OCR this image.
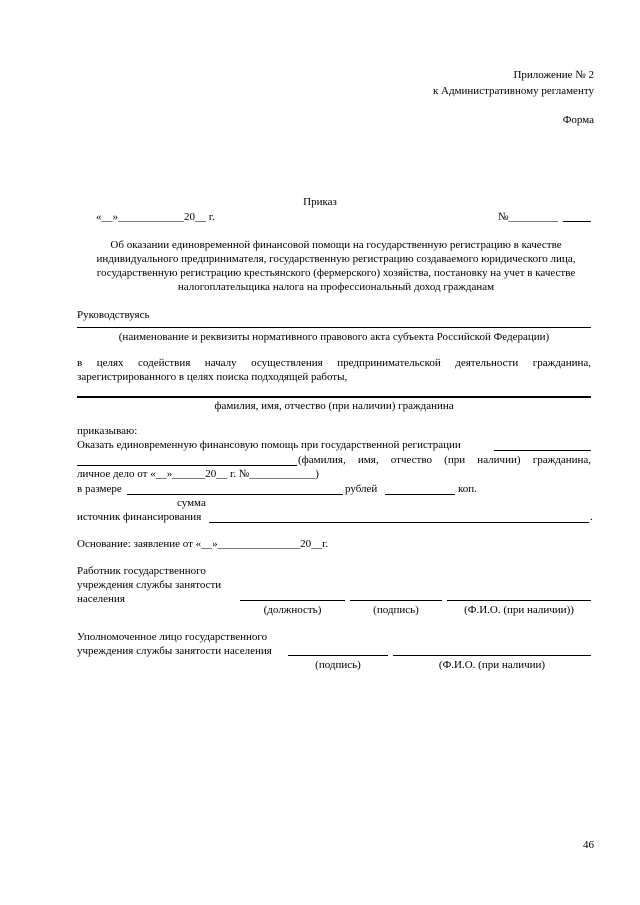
Приложение № 2
к Административному регламенту
Форма
Приказ
«__»____________20__ г.	№_________
Об оказании единовременной финансовой помощи на государственную регистрацию в качестве
индивидуального предпринимателя, государственную регистрацию создаваемого юридического лица,
государственную регистрацию крестьянского (фермерского) хозяйства, постановку на учет в качестве
налогоплательщика налога на профессиональный доход гражданам
Руководствуясь
(наименование и реквизиты нормативного правового акта субъекта Российской Федерации)
в целях содействия началу осуществления предпринимательской деятельности гражданина,
зарегистрированного в целях поиска подходящей работы,
фамилия, имя, отчество (при наличии) гражданина
приказываю:
Оказать единовременную финансовую помощь при государственной регистрации
(фамилия, имя, отчество (при наличии) гражданина,
личное дело от «__»______20__ г. №____________)
в размере	рублей	коп.
сумма
источник финансирования	.
Основание: заявление от «__»_______________20__г.
Работник государственного
учреждения службы занятости
населения
(должность)	(подпись)	(Ф.И.О. (при наличии))
Уполномоченное лицо государственного
учреждения службы занятости населения
(подпись)	(Ф.И.О. (при наличии)
46
